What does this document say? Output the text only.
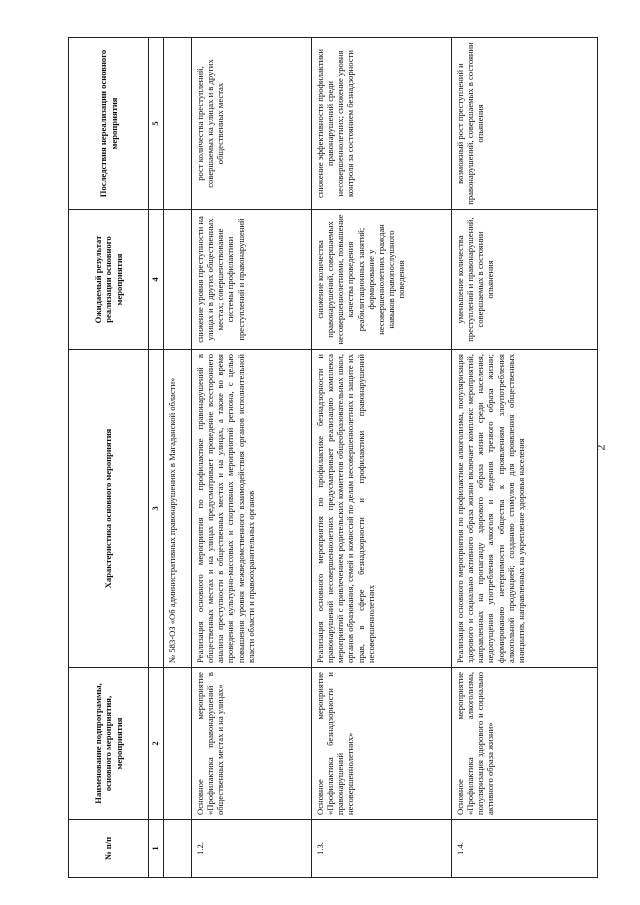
2
№ п/п	Наименование подпрограммы, основного мероприятия, мероприятия	Характеристика основного мероприятия	Ожидаемый результат реализации основного мероприятия	Последствия нереализации основного мероприятия
1	2	3	4	5
		№ 583-ОЗ «Об административных правонарушениях в Магаданской области»		
1.2.	Основное мероприятие «Профилактика правонарушений в общественных местах и на улицах»	Реализация основного мероприятия по профилактике правонарушений в общественных местах и на улицах предусматривает проведение всестороннего анализа преступности в общественных местах и на улицах, а также во время проведения культурно-массовых и спортивных мероприятий региона, с целью повышения уровня межведомственного взаимодействия органов исполнительной власти области и правоохранительных органов	снижение уровня преступности на улицах и в других общественных местах; совершенствование системы профилактики преступлений и правонарушений	рост количества преступлений, совершаемых на улицах и в других общественных местах
1.3.	Основное мероприятие «Профилактика безнадзорности и правонарушений несовершеннолетних»	Реализация основного мероприятия по профилактике безнадзорности и правонарушений несовершеннолетних предусматривает реализацию комплекса мероприятий с привлечением родительских комитетов общеобразовательных школ, органов образования, семей и комиссий по делам несовершеннолетних и защите их прав, в сфере безнадзорности и профилактики правонарушений несовершеннолетних	снижение количества правонарушений, совершаемых несовершеннолетними, повышение качества проведения реабилитационных занятий; формирование у несовершеннолетних граждан навыков правопослушного поведения	снижение эффективности профилактики правонарушений среди несовершеннолетних; снижение уровня контроля за состоянием безнадзорности
1.4.	Основное мероприятие «Профилактика алкоголизма, популяризация здорового и социально активного образа жизни»	Реализация основного мероприятия по профилактике алкоголизма, популяризация здорового и социально активного образа жизни включает комплекс мероприятий, направленных на пропаганду здорового образа жизни среди населения, недопущения употребления алкоголя и ведения трезвого образа жизни; формированию нетерпимости общества к проявлениям злоупотребления алкогольной продукцией; созданию стимулов для проявления общественных инициатив, направленных на укрепление здоровья населения	уменьшение количества преступлений и правонарушений, совершаемых в состоянии опьянения	возможный рост преступлений и правонарушений, совершаемых в состоянии опьянения
